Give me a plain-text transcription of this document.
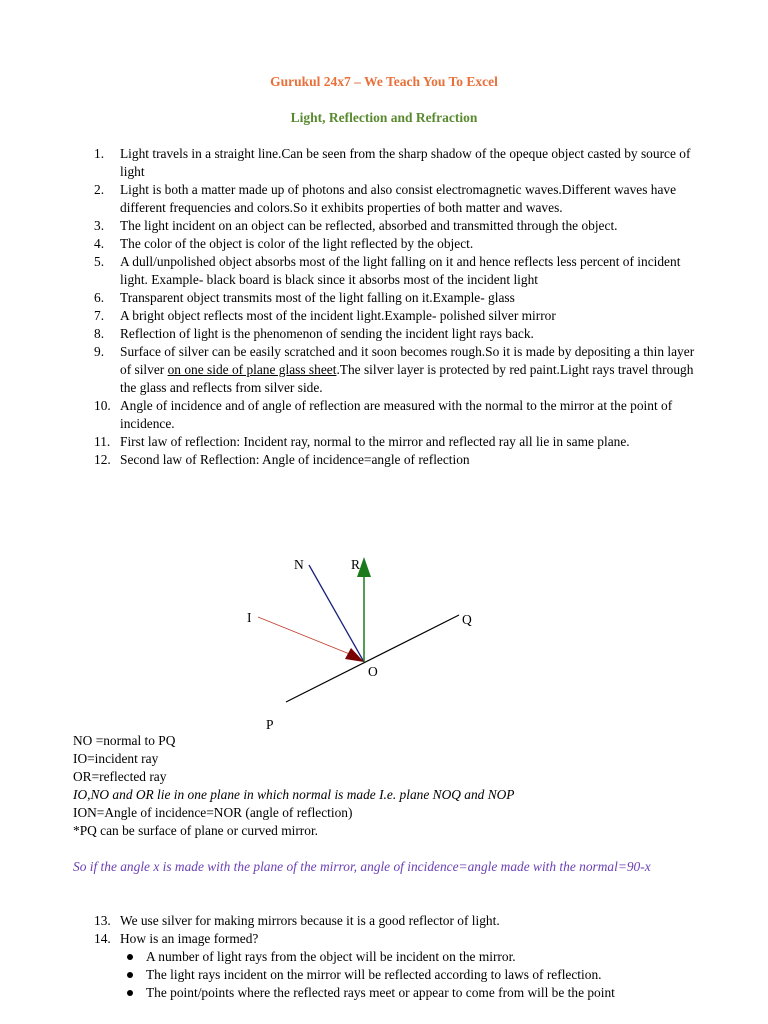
Gurukul 24x7 – We Teach You To Excel
Light, Reflection and Refraction
1.	Light travels in a straight line.Can be seen from the sharp shadow of the opeque object casted by source of light
2.	Light is both a matter made up of photons and also consist electromagnetic waves.Different waves have different frequencies and colors.So it exhibits properties of both matter and waves.
3.	The light incident on an object can be reflected, absorbed and transmitted through the object.
4.	The color of the object is color of the light reflected by the object.
5.	A dull/unpolished object absorbs most of the light falling on it and hence reflects less percent of incident light. Example- black board is black since it absorbs most of the incident light
6.	Transparent object transmits most of the light falling on it.Example- glass
7.	A bright object reflects most of the incident light.Example- polished silver mirror
8.	Reflection of light is the phenomenon of sending the incident light rays back.
9.	Surface of silver can be easily scratched and it soon becomes rough.So it is made by depositing a thin layer of silver on one side of plane glass sheet.The silver layer is protected by red paint.Light rays travel through the glass and reflects from silver side.
10. Angle of incidence and of angle of reflection are measured with the normal to the mirror at the point of incidence.
11. First law of reflection: Incident ray, normal to the mirror and reflected ray all lie in same plane.
12. Second law of Reflection: Angle of incidence=angle of reflection
N	R
I	Q
O
P
NO =normal to PQ
IO=incident ray
OR=reflected ray
IO,NO and OR lie in one plane in which normal is made I.e. plane NOQ and NOP
ION=Angle of incidence=NOR (angle of reflection)
*PQ can be surface of plane or curved mirror.
So if the angle x is made with the plane of the mirror, angle of incidence=angle made with the normal=90-x
13. We use silver for making mirrors because it is a good reflector of light.
14. How is an image formed?
A number of light rays from the object will be incident on the mirror.
The light rays incident on the mirror will be reflected according to laws of reflection.
The point/points where the reflected rays meet or appear to come from will be the point
